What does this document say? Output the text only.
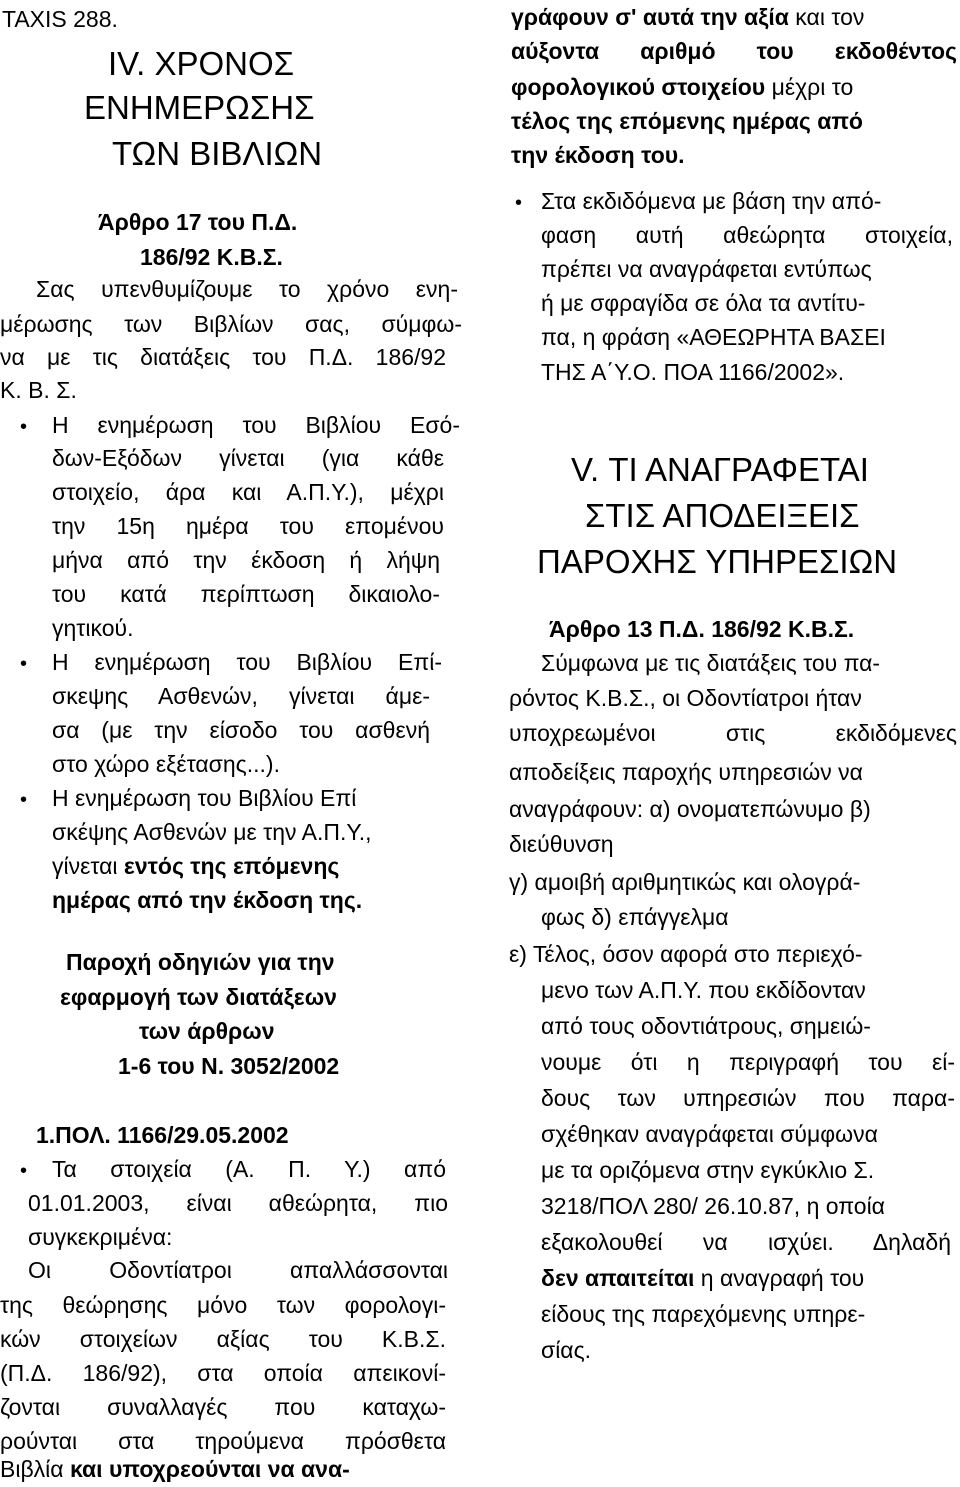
TAXIS 288.
IV. ΧΡΟΝΟΣ
ΕΝΗΜΕΡΩΣΗΣ
ΤΩΝ ΒΙΒΛΙΩΝ
Άρθρο 17 του Π.Δ.
186/92 Κ.Β.Σ.
Σας υπενθυμίζουμε το χρόνο ενη-
μέρωσης των Βιβλίων σας, σύμφω-
να με τις διατάξεις του Π.Δ. 186/92
Κ. Β. Σ.
• Η ενημέρωση του Βιβλίου Εσό-
δων-Εξόδων γίνεται (για κάθε
στοιχείο, άρα και Α.Π.Υ.), μέχρι
την 15η ημέρα του επομένου
μήνα από την έκδοση ή λήψη
του κατά περίπτωση δικαιολο-
γητικού.
• Η ενημέρωση του Βιβλίου Επί-
σκεψης Ασθενών, γίνεται άμε-
σα (με την είσοδο του ασθενή
στο χώρο εξέτασης...).
• Η ενημέρωση του Βιβλίου Επί
σκέψης Ασθενών με την Α.Π.Υ.,
γίνεται εντός της επόμενης
ημέρας από την έκδοση της.
Παροχή οδηγιών για την
εφαρμογή των διατάξεων
των άρθρων
1-6 του Ν. 3052/2002
1.ΠΟΛ. 1166/29.05.2002
• Τα στοιχεία (Α. Π. Υ.) από
01.01.2003, είναι αθεώρητα, πιο
συγκεκριμένα:
Οι Οδοντίατροι απαλλάσσονται
της θεώρησης μόνο των φορολογι-
κών στοιχείων αξίας του Κ.Β.Σ.
(Π.Δ. 186/92), στα οποία απεικονί-
ζονται συναλλαγές που καταχω-
ρούνται στα τηρούμενα πρόσθετα
Βιβλία και υποχρεούνται να ανα-
γράφουν σ' αυτά την αξία και τον
αύξοντα αριθμό του εκδοθέντος
φορολογικού στοιχείου μέχρι το
τέλος της επόμενης ημέρας από
την έκδοση του.
• Στα εκδιδόμενα με βάση την από-
φαση αυτή αθεώρητα στοιχεία,
πρέπει να αναγράφεται εντύπως
ή με σφραγίδα σε όλα τα αντίτυ-
πα, η φράση «ΑΘΕΩΡΗΤΑ ΒΑΣΕΙ
ΤΗΣ Α΄Υ.Ο. ΠΟΑ 1166/2002».
V. ΤΙ ΑΝΑΓΡΑΦΕΤΑΙ
ΣΤΙΣ ΑΠΟΔΕΙΞΕΙΣ
ΠΑΡΟΧΗΣ ΥΠΗΡΕΣΙΩΝ
Άρθρο 13 Π.Δ. 186/92 Κ.Β.Σ.
Σύμφωνα με τις διατάξεις του πα-
ρόντος Κ.Β.Σ., οι Οδοντίατροι ήταν
υποχρεωμένοι στις εκδιδόμενες
αποδείξεις παροχής υπηρεσιών να
αναγράφουν: α) ονοματεπώνυμο β)
διεύθυνση
γ) αμοιβή αριθμητικώς και ολογρά-
φως δ) επάγγελμα
ε) Τέλος, όσον αφορά στο περιεχό-
μενο των Α.Π.Υ. που εκδίδονταν
από τους οδοντιάτρους, σημειώ-
νουμε ότι η περιγραφή του εί-
δους των υπηρεσιών που παρα-
σχέθηκαν αναγράφεται σύμφωνα
με τα οριζόμενα στην εγκύκλιο Σ.
3218/ΠΟΛ 280/ 26.10.87, η οποία
εξακολουθεί να ισχύει. Δηλαδή
δεν απαιτείται η αναγραφή του
είδους της παρεχόμενης υπηρε-
σίας.
